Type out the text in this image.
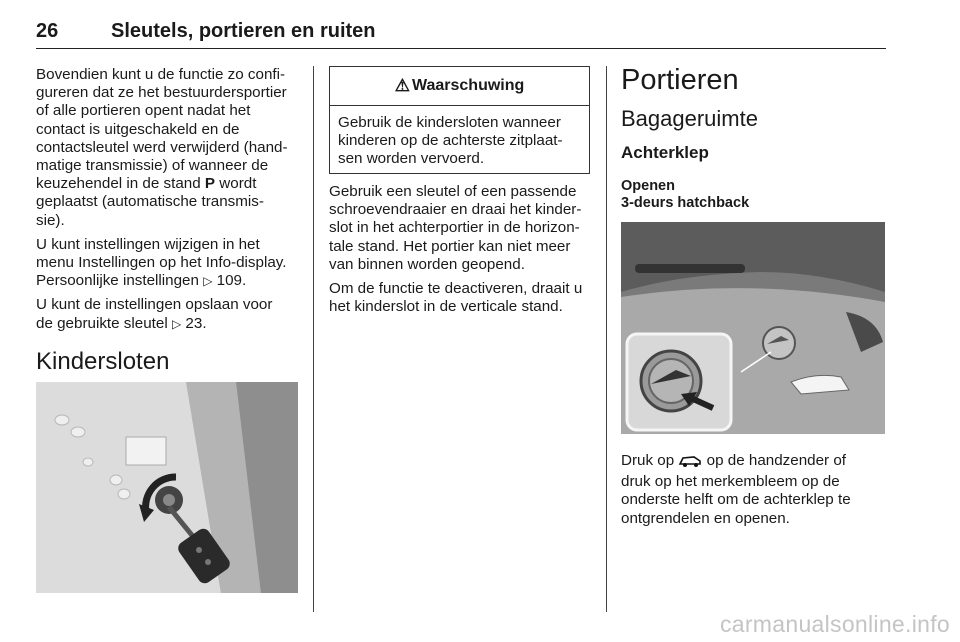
26	Sleutels, portieren en ruiten

Bovendien kunt u de functie zo confi-
gureren dat ze het bestuurdersportier
of alle portieren opent nadat het
contact is uitgeschakeld en de
contactsleutel werd verwijderd (hand-
matige transmissie) of wanneer de
keuzehendel in de stand P wordt
geplaatst (automatische transmis-
sie).

U kunt instellingen wijzigen in het
menu Instellingen op het Info-display.
Persoonlijke instellingen ▷ 109.

U kunt de instellingen opslaan voor
de gebruikte sleutel ▷ 23.

Kindersloten
⚠ Waarschuwing
Gebruik de kindersloten wanneer
kinderen op de achterste zitplaat-
sen worden vervoerd.

Gebruik een sleutel of een passende
schroevendraaier en draai het kinder-
slot in het achterportier in de horizon-
tale stand. Het portier kan niet meer
van binnen worden geopend.

Om de functie te deactiveren, draait u
het kinderslot in de verticale stand.

Portieren
Bagageruimte
Achterklep
Openen
3-deurs hatchback

Druk op op de handzender of
druk op het merkembleem op de
onderste helft om de achterklep te
ontgrendelen en openen.

carmanualsonline.info
